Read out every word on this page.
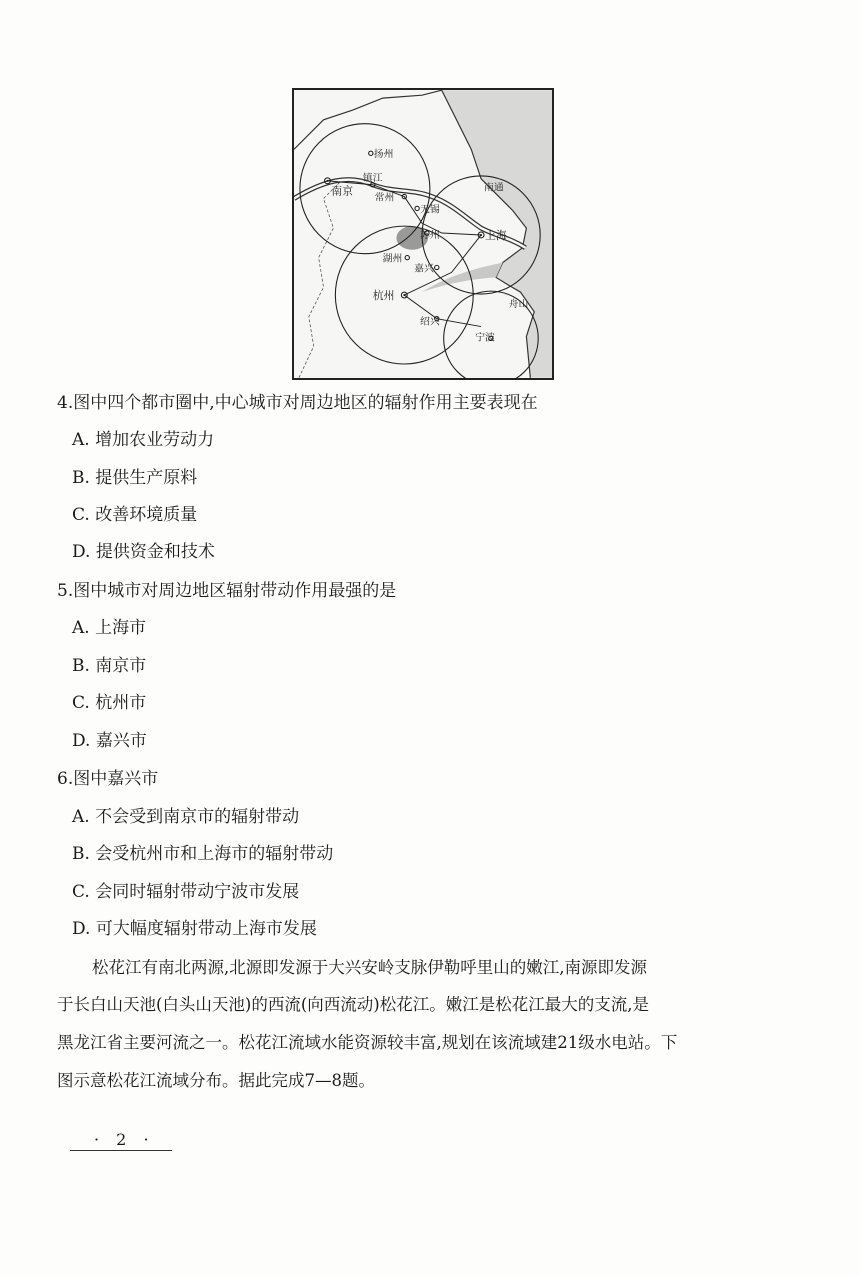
扬州
南京
镇江
常州
无锡
南通
苏州	上海
湖州
嘉兴
杭州
绍兴
宁波
舟山
4.图中四个都市圈中,中心城市对周边地区的辐射作用主要表现在
A. 增加农业劳动力
B. 提供生产原料
C. 改善环境质量
D. 提供资金和技术
5.图中城市对周边地区辐射带动作用最强的是
A. 上海市
B. 南京市
C. 杭州市
D. 嘉兴市
6.图中嘉兴市
A. 不会受到南京市的辐射带动
B. 会受杭州市和上海市的辐射带动
C. 会同时辐射带动宁波市发展
D. 可大幅度辐射带动上海市发展
松花江有南北两源,北源即发源于大兴安岭支脉伊勒呼里山的嫩江,南源即发源
于长白山天池(白头山天池)的西流(向西流动)松花江。嫩江是松花江最大的支流,是
黑龙江省主要河流之一。松花江流域水能资源较丰富,规划在该流域建21级水电站。下
图示意松花江流域分布。据此完成7—8题。
· 2 ·
